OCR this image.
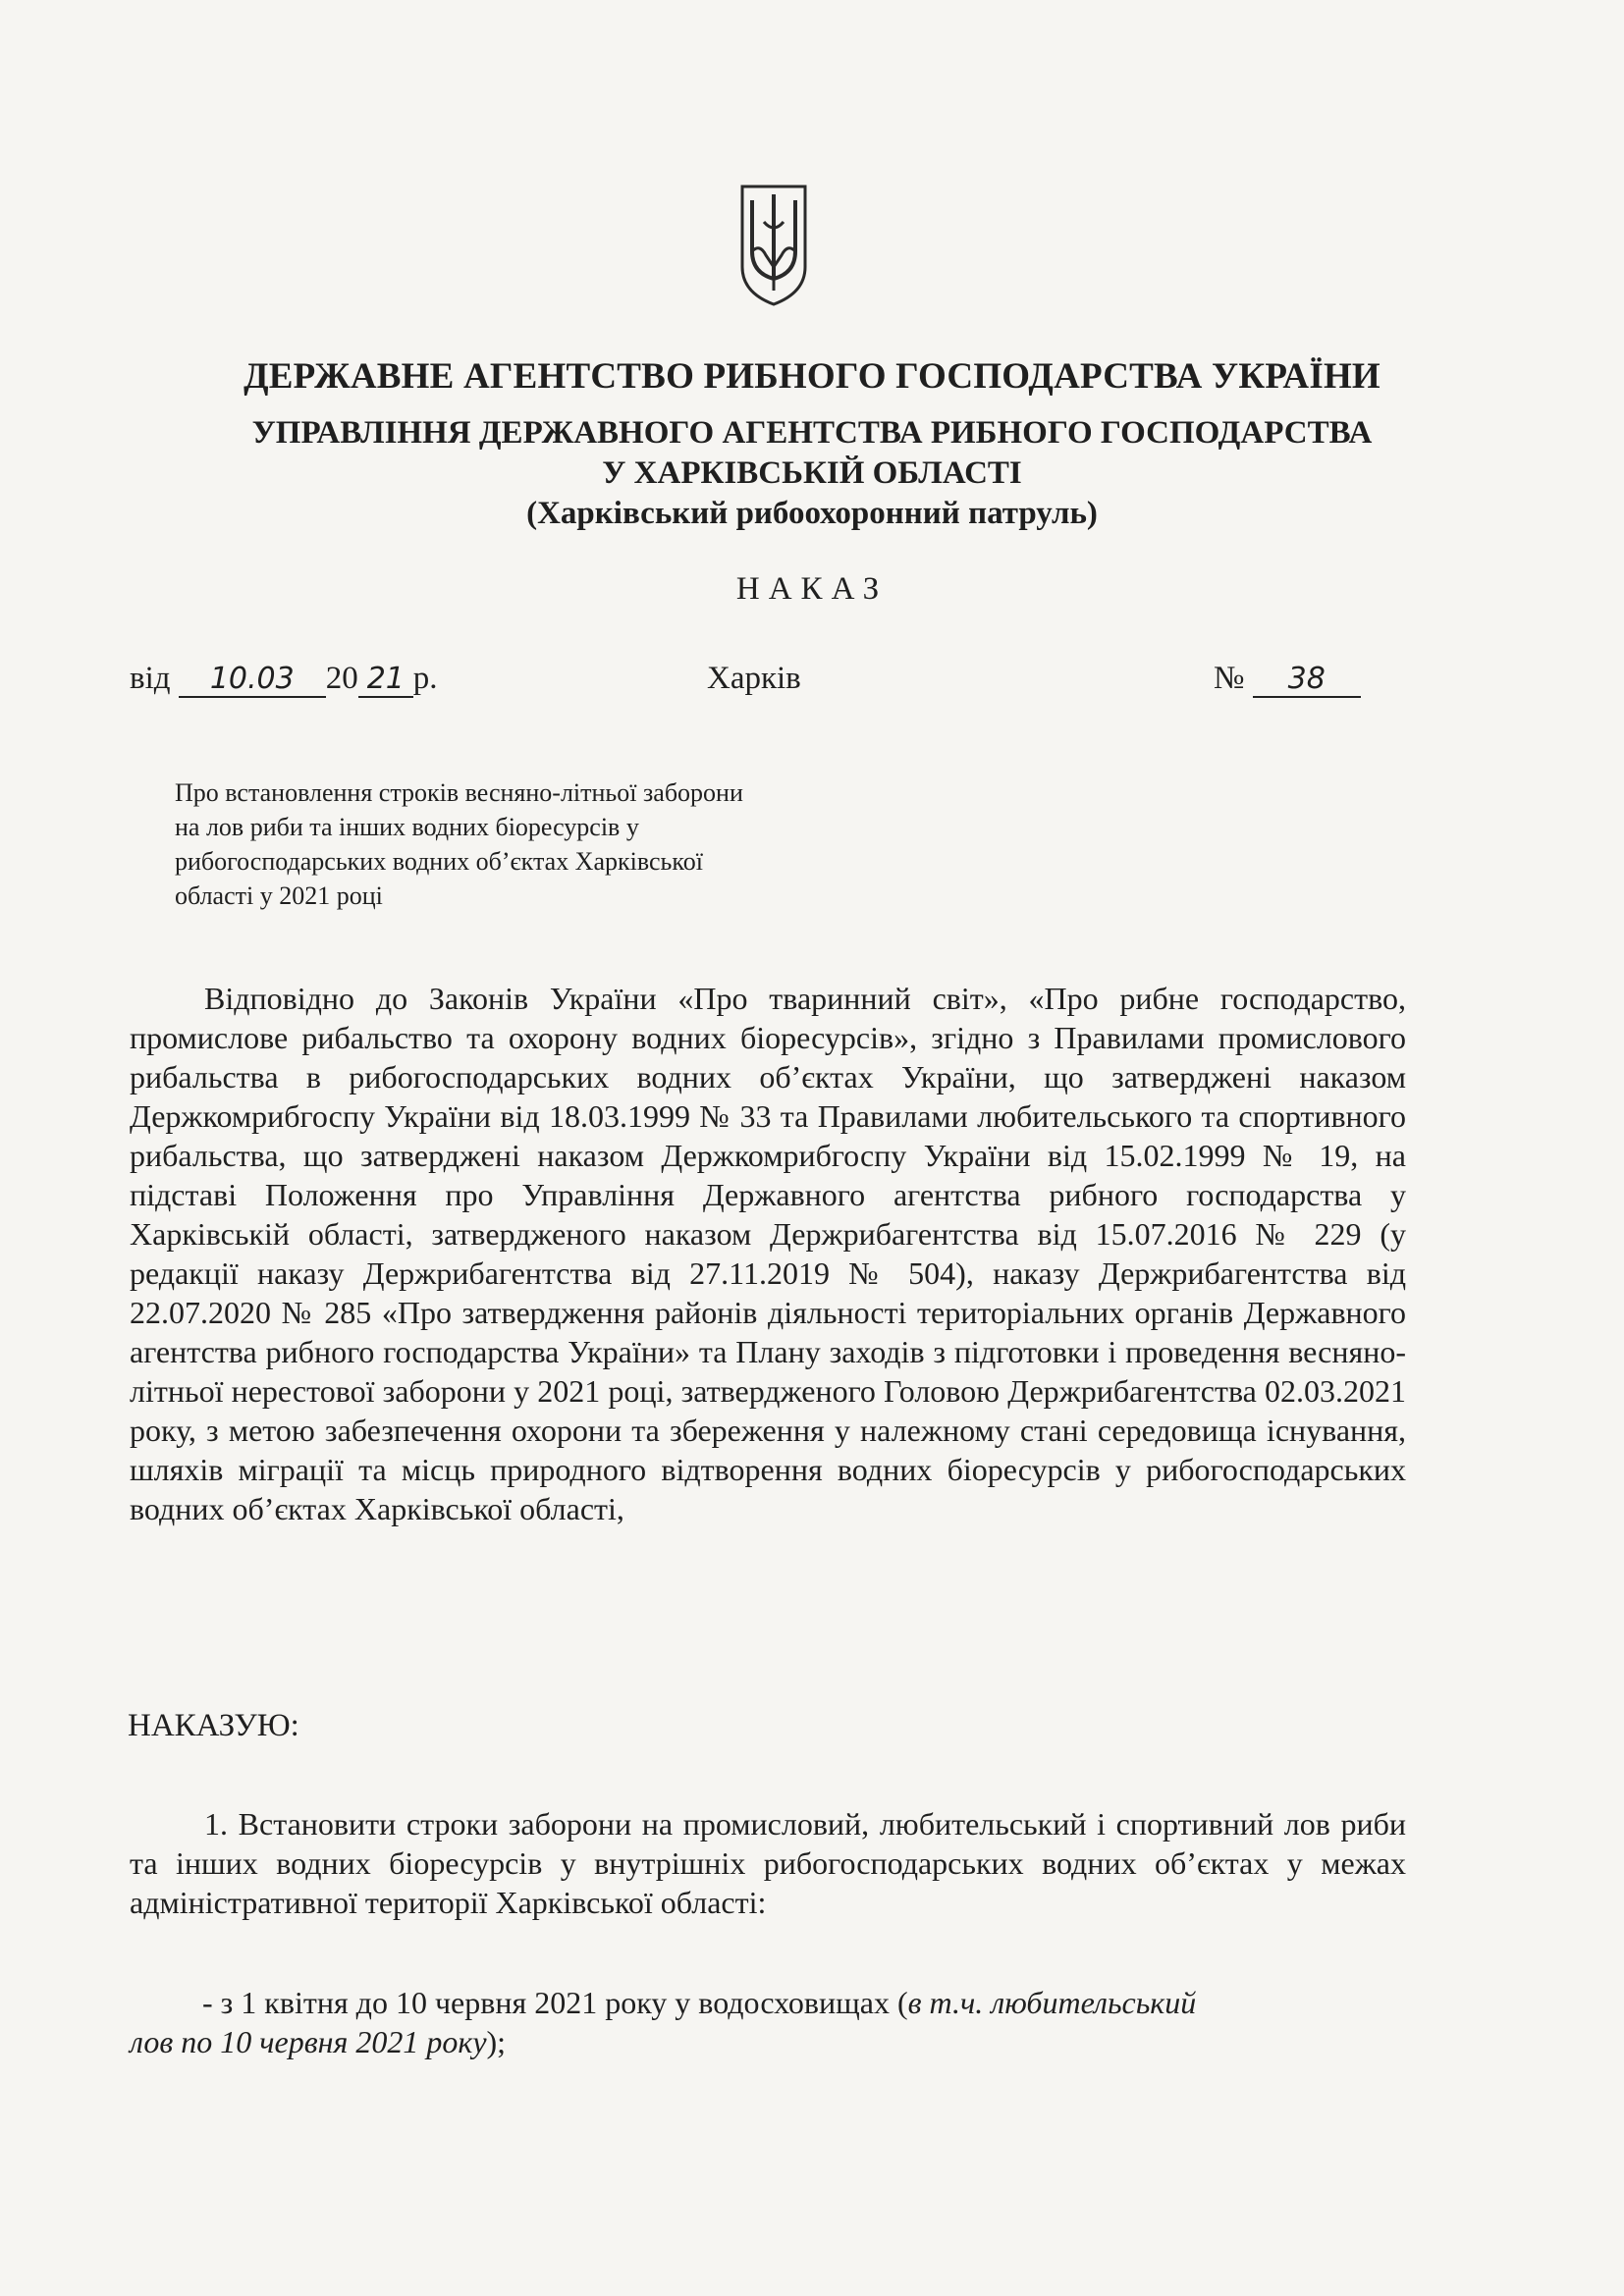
ДЕРЖАВНЕ АГЕНТСТВО РИБНОГО ГОСПОДАРСТВА УКРАЇНИ
УПРАВЛІННЯ ДЕРЖАВНОГО АГЕНТСТВА РИБНОГО ГОСПОДАРСТВА
У ХАРКІВСЬКІЙ ОБЛАСТІ
(Харківський рибоохоронний патруль)
НАКАЗ
від 10.03 20 21 р.	Харків	№ 38
Про встановлення строків весняно-літньої заборони на лов риби та інших водних біоресурсів у рибогосподарських водних об’єктах Харківської області у 2021 році
Відповідно до Законів України «Про тваринний світ», «Про рибне господарство, промислове рибальство та охорону водних біоресурсів», згідно з Правилами промислового рибальства в рибогосподарських водних об’єктах України, що затверджені наказом Держкомрибгоспу України від 18.03.1999 № 33 та Правилами любительського та спортивного рибальства, що затверджені наказом Держкомрибгоспу України від 15.02.1999 № 19, на підставі Положення про Управління Державного агентства рибного господарства у Харківській області, затвердженого наказом Держрибагентства від 15.07.2016 № 229 (у редакції наказу Держрибагентства від 27.11.2019 № 504), наказу Держрибагентства від 22.07.2020 № 285 «Про затвердження районів діяльності територіальних органів Державного агентства рибного господарства України» та Плану заходів з підготовки і проведення весняно-літньої нерестової заборони у 2021 році, затвердженого Головою Держрибагентства 02.03.2021 року, з метою забезпечення охорони та збереження у належному стані середовища існування, шляхів міграції та місць природного відтворення водних біоресурсів у рибогосподарських водних об’єктах Харківської області,
НАКАЗУЮ:
1. Встановити строки заборони на промисловий, любительський і спортивний лов риби та інших водних біоресурсів у внутрішніх рибогосподарських водних об’єктах у межах адміністративної території Харківської області:
- з 1 квітня до 10 червня 2021 року у водосховищах (в т.ч. любительський
лов по 10 червня 2021 року);
